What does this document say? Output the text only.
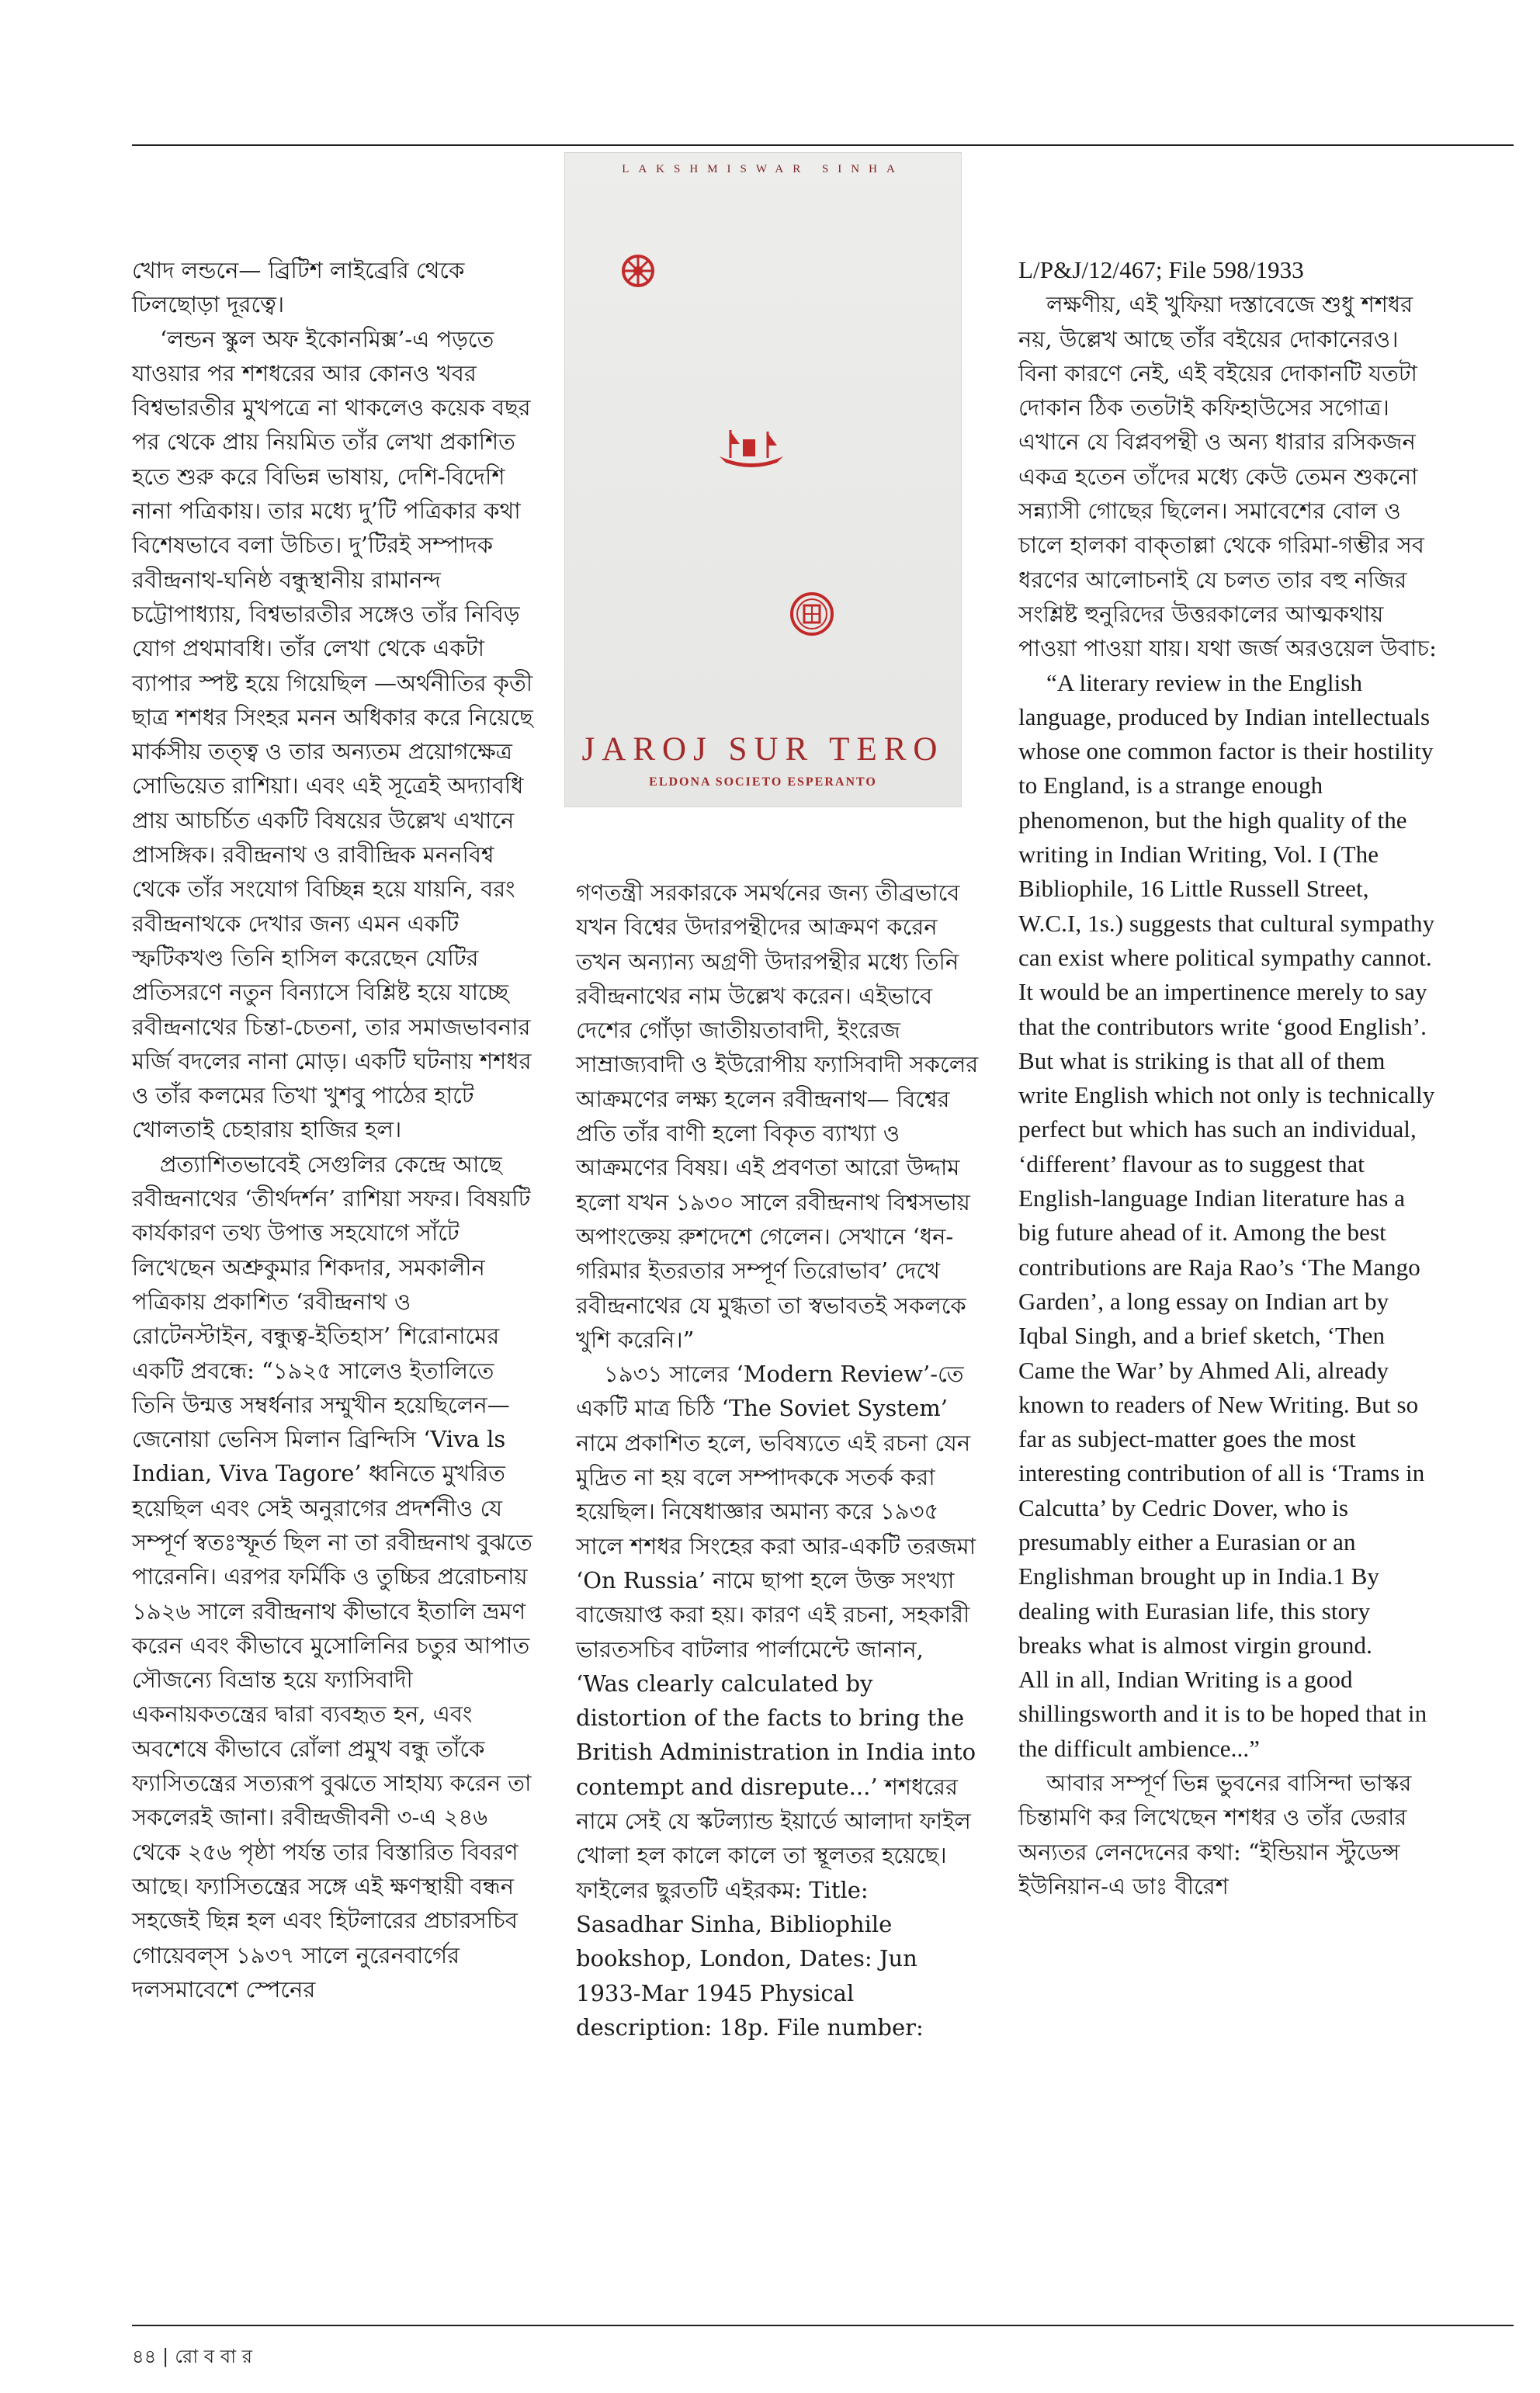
LAKSHMISWAR SINHA
JAROJ SUR TERO
ELDONA SOCIETO ESPERANTO

খোদ লন্ডনে— ব্রিটিশ লাইব্রেরি থেকে ঢিলছোড়া দূরত্বে।

‘লন্ডন স্কুল অফ ইকোনমিক্স’-এ পড়তে যাওয়ার পর শশধরের আর কোনও খবর বিশ্বভারতীর মুখপত্রে না থাকলেও কয়েক বছর পর থেকে প্রায় নিয়মিত তাঁর লেখা প্রকাশিত হতে শুরু করে বিভিন্ন ভাষায়, দেশি-বিদেশি নানা পত্রিকায়। তার মধ্যে দু’টি পত্রিকার কথা বিশেষভাবে বলা উচিত। দু’টিরই সম্পাদক রবীন্দ্রনাথ-ঘনিষ্ঠ বন্ধুস্থানীয় রামানন্দ চট্টোপাধ্যায়, বিশ্বভারতীর সঙ্গেও তাঁর নিবিড় যোগ প্রথমাবধি। তাঁর লেখা থেকে একটা ব্যাপার স্পষ্ট হয়ে গিয়েছিল —অর্থনীতির কৃতী ছাত্র শশধর সিংহর মনন অধিকার করে নিয়েছে মার্কসীয় তত্ত্ব ও তার অন্যতম প্রয়োগক্ষেত্র সোভিয়েত রাশিয়া। এবং এই সূত্রেই অদ্যাবধি প্রায় আচর্চিত একটি বিষয়ের উল্লেখ এখানে প্রাসঙ্গিক। রবীন্দ্রনাথ ও রাবীন্দ্রিক মননবিশ্ব থেকে তাঁর সংযোগ বিচ্ছিন্ন হয়ে যায়নি, বরং রবীন্দ্রনাথকে দেখার জন্য এমন একটি স্ফটিকখণ্ড তিনি হাসিল করেছেন যেটির প্রতিসরণে নতুন বিন্যাসে বিশ্লিষ্ট হয়ে যাচ্ছে রবীন্দ্রনাথের চিন্তা-চেতনা, তার সমাজভাবনার মর্জি বদলের নানা মোড়। একটি ঘটনায় শশধর ও তাঁর কলমের তিখা খুশবু পাঠের হাটে খোলতাই চেহারায় হাজির হল।

প্রত্যাশিতভাবেই সেগুলির কেন্দ্রে আছে রবীন্দ্রনাথের ‘তীর্থদর্শন’ রাশিয়া সফর। বিষয়টি কার্যকারণ তথ্য উপাত্ত সহযোগে সাঁটে লিখেছেন অশ্রুকুমার শিকদার, সমকালীন পত্রিকায় প্রকাশিত ‘রবীন্দ্রনাথ ও রোটেনস্টাইন, বন্ধুত্ব-ইতিহাস’ শিরোনামের একটি প্রবন্ধে: “১৯২৫ সালেও ইতালিতে তিনি উন্মত্ত সম্বর্ধনার সম্মুখীন হয়েছিলেন— জেনোয়া ভেনিস মিলান ব্রিন্দিসি ‘Viva ls Indian, Viva Tagore’ ধ্বনিতে মুখরিত হয়েছিল এবং সেই অনুরাগের প্রদর্শনীও যে সম্পূর্ণ স্বতঃস্ফূর্ত ছিল না তা রবীন্দ্রনাথ বুঝতে পারেননি। এরপর ফর্মিকি ও তুচ্চির প্ররোচনায় ১৯২৬ সালে রবীন্দ্রনাথ কীভাবে ইতালি ভ্রমণ করেন এবং কীভাবে মুসোলিনির চতুর আপাত সৌজন্যে বিভ্রান্ত হয়ে ফ্যাসিবাদী একনায়কতন্ত্রের দ্বারা ব্যবহৃত হন, এবং অবশেষে কীভাবে রোঁলা প্রমুখ বন্ধু তাঁকে ফ্যাসিতন্ত্রের সত্যরূপ বুঝতে সাহায্য করেন তা সকলেরই জানা। রবীন্দ্রজীবনী ৩-এ ২৪৬ থেকে ২৫৬ পৃষ্ঠা পর্যন্ত তার বিস্তারিত বিবরণ আছে। ফ্যাসিতন্ত্রের সঙ্গে এই ক্ষণস্থায়ী বন্ধন সহজেই ছিন্ন হল এবং হিটলারের প্রচারসচিব গোয়েবল্‌স ১৯৩৭ সালে নুরেনবার্গের দলসমাবেশে স্পেনের

গণতন্ত্রী সরকারকে সমর্থনের জন্য তীব্রভাবে যখন বিশ্বের উদারপন্থীদের আক্রমণ করেন তখন অন্যান্য অগ্রণী উদারপন্থীর মধ্যে তিনি রবীন্দ্রনাথের নাম উল্লেখ করেন। এইভাবে দেশের গোঁড়া জাতীয়তাবাদী, ইংরেজ সাম্রাজ্যবাদী ও ইউরোপীয় ফ্যাসিবাদী সকলের আক্রমণের লক্ষ্য হলেন রবীন্দ্রনাথ— বিশ্বের প্রতি তাঁর বাণী হলো বিকৃত ব্যাখ্যা ও আক্রমণের বিষয়। এই প্রবণতা আরো উদ্দাম হলো যখন ১৯৩০ সালে রবীন্দ্রনাথ বিশ্বসভায় অপাংক্তেয় রুশদেশে গেলেন। সেখানে ‘ধন-গরিমার ইতরতার সম্পূর্ণ তিরোভাব’ দেখে রবীন্দ্রনাথের যে মুগ্ধতা তা স্বভাবতই সকলকে খুশি করেনি।”

১৯৩১ সালের ‘Modern Review’-তে একটি মাত্র চিঠি ‘The Soviet System’ নামে প্রকাশিত হলে, ভবিষ্যতে এই রচনা যেন মুদ্রিত না হয় বলে সম্পাদককে সতর্ক করা হয়েছিল। নিষেধাজ্ঞার অমান্য করে ১৯৩৫ সালে শশধর সিংহের করা আর-একটি তরজমা ‘On Russia’ নামে ছাপা হলে উক্ত সংখ্যা বাজেয়াপ্ত করা হয়। কারণ এই রচনা, সহকারী ভারতসচিব বাটলার পার্লামেন্টে জানান, ‘Was clearly calculated by distortion of the facts to bring the British Administration in India into contempt and disrepute...’ শশধরের নামে সেই যে স্কটল্যান্ড ইয়ার্ডে আলাদা ফাইল খোলা হল কালে কালে তা স্থূলতর হয়েছে। ফাইলের ছুরতটি এইরকম: Title: Sasadhar Sinha, Bibliophile bookshop, London, Dates: Jun 1933-Mar 1945 Physical description: 18p. File number:

L/P&J/12/467; File 598/1933

লক্ষণীয়, এই খুফিয়া দস্তাবেজে শুধু শশধর নয়, উল্লেখ আছে তাঁর বইয়ের দোকানেরও। বিনা কারণে নেই, এই বইয়ের দোকানটি যতটা দোকান ঠিক ততটাই কফিহাউসের সগোত্র। এখানে যে বিপ্লবপন্থী ও অন্য ধারার রসিকজন একত্র হতেন তাঁদের মধ্যে কেউ তেমন শুকনো সন্ন্যাসী গোছের ছিলেন। সমাবেশের বোল ও চালে হালকা বাক্‌তাল্লা থেকে গরিমা-গম্ভীর সব ধরণের আলোচনাই যে চলত তার বহু নজির সংশ্লিষ্ট হুনুরিদের উত্তরকালের আত্মকথায় পাওয়া পাওয়া যায়। যথা জর্জ অরওয়েল উবাচ:

“A literary review in the English language, produced by Indian intellectuals whose one common factor is their hostility to England, is a strange enough phenomenon, but the high quality of the writing in Indian Writing, Vol. I (The Bibliophile, 16 Little Russell Street, W.C.I, 1s.) suggests that cultural sympathy can exist where political sympathy cannot. It would be an impertinence merely to say that the contributors write ‘good English’. But what is striking is that all of them write English which not only is technically perfect but which has such an individual, ‘different’ flavour as to suggest that English-language Indian literature has a big future ahead of it. Among the best contributions are Raja Rao’s ‘The Mango Garden’, a long essay on Indian art by Iqbal Singh, and a brief sketch, ‘Then Came the War’ by Ahmed Ali, already known to readers of New Writing. But so far as subject-matter goes the most interesting contribution of all is ‘Trams in Calcutta’ by Cedric Dover, who is presumably either a Eurasian or an Englishman brought up in India.1 By dealing with Eurasian life, this story breaks what is almost virgin ground.

All in all, Indian Writing is a good shillingsworth and it is to be hoped that in the difficult ambience...”

আবার সম্পূর্ণ ভিন্ন ভুবনের বাসিন্দা ভাস্কর চিন্তামণি কর লিখেছেন শশধর ও তাঁর ডেরার অন্যতর লেনদেনের কথা: “ইন্ডিয়ান স্টুডেন্স ইউনিয়ান-এ ডাঃ বীরেশ

৪৪ | রো ব বা র
